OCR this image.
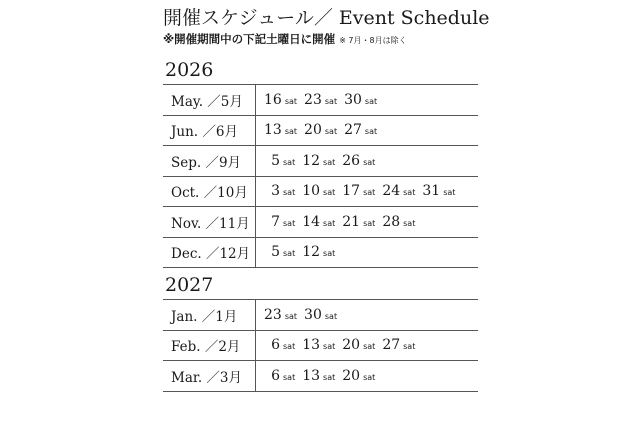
開催スケジュール／ Event Schedule
※開催期間中の下記土曜日に開催 ※ 7月・8月は除く
2026
May. ／5月	16 sat 23 sat 30 sat
Jun. ／6月	13 sat 20 sat 27 sat
Sep. ／9月	5 sat 12 sat 26 sat
Oct. ／10月	3 sat 10 sat 17 sat 24 sat 31 sat
Nov. ／11月	7 sat 14 sat 21 sat 28 sat
Dec. ／12月	5 sat 12 sat
2027
Jan. ／1月	23 sat 30 sat
Feb. ／2月	6 sat 13 sat 20 sat 27 sat
Mar. ／3月	6 sat 13 sat 20 sat
